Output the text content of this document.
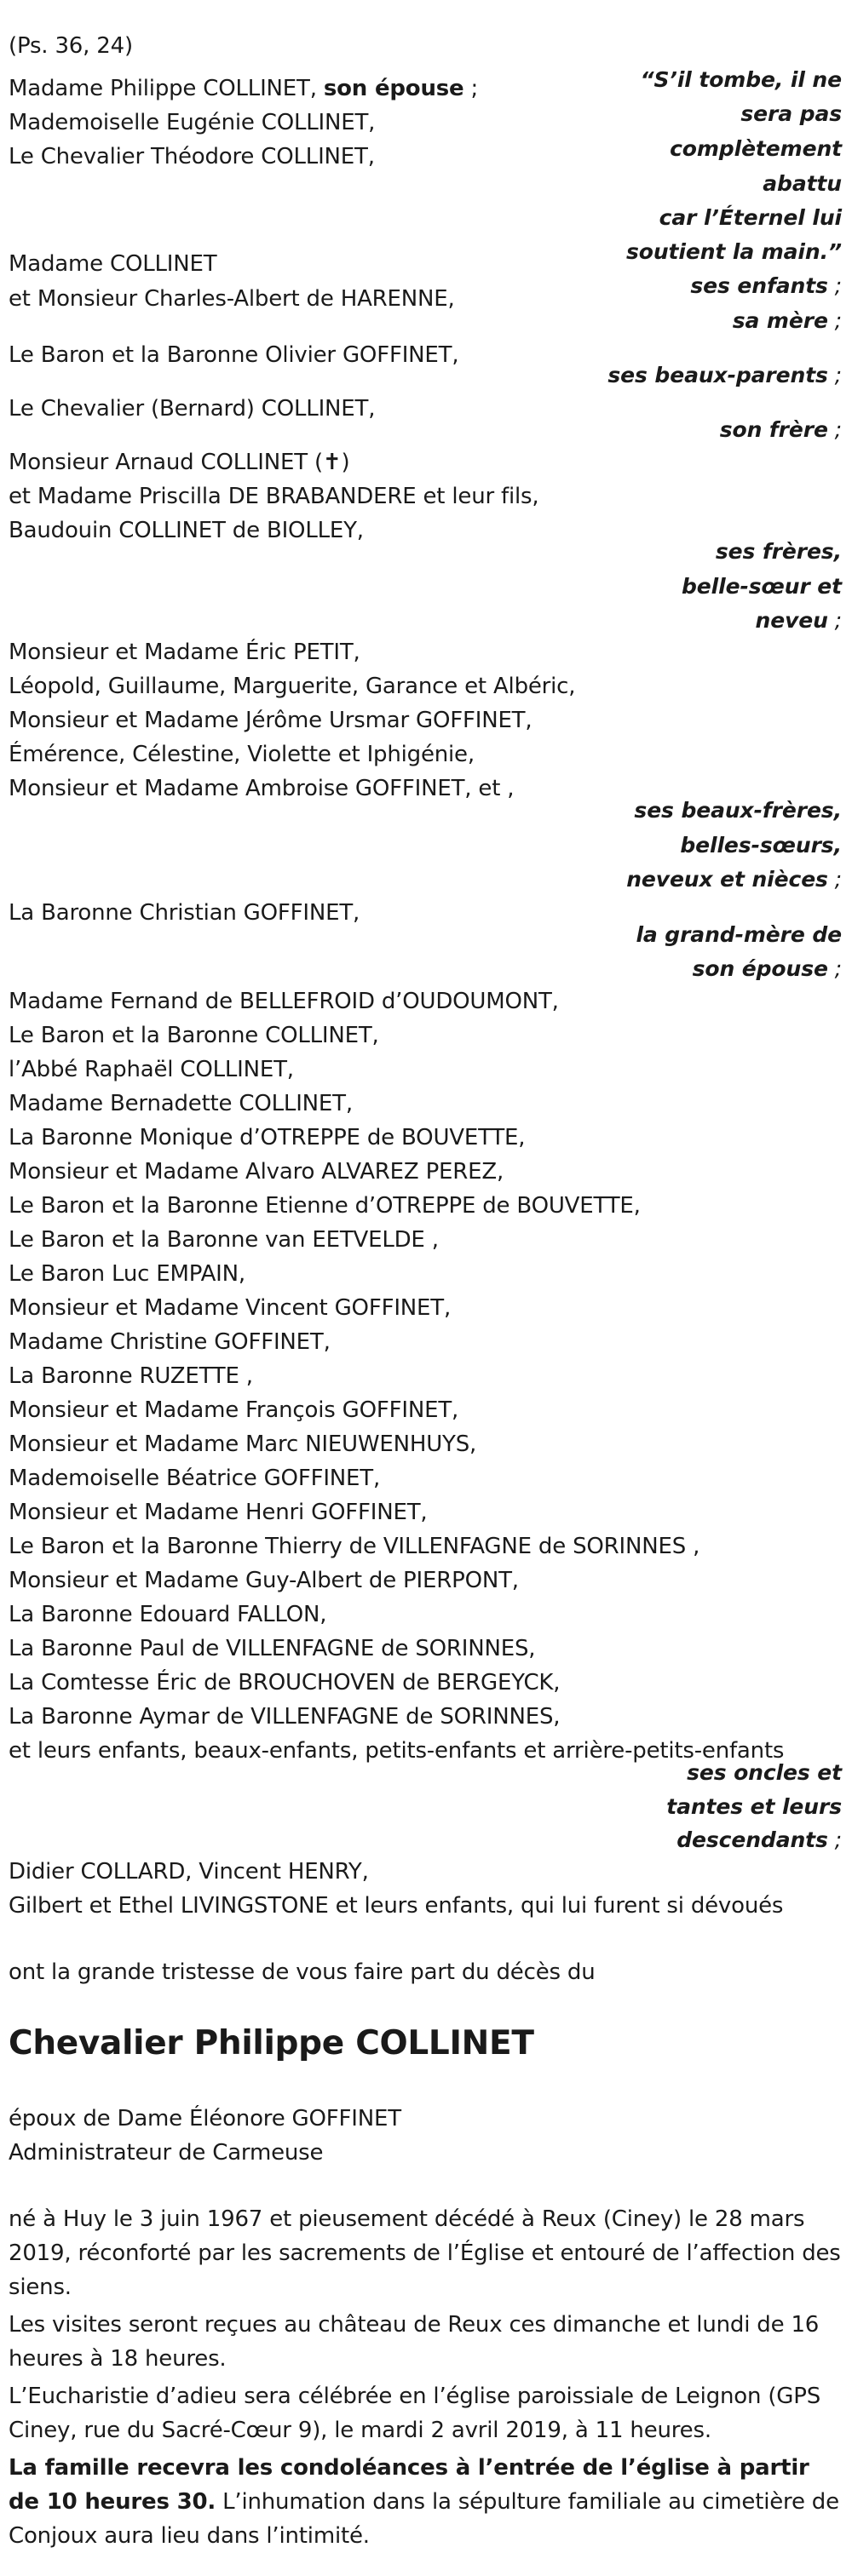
(Ps. 36, 24)

“S’il tombe, il ne

sera pas

complètement

abattu

car l’Éternel lui

soutient la main.”

Madame Philippe COLLINET, son épouse ;

Mademoiselle Eugénie COLLINET,

Le Chevalier Théodore COLLINET,

ses enfants ;

Madame COLLINET

et Monsieur Charles-Albert de HARENNE,

sa mère ;

Le Baron et la Baronne Olivier GOFFINET,

ses beaux-parents ;

Le Chevalier (Bernard) COLLINET,

son frère ;

Monsieur Arnaud COLLINET (✝)

et Madame Priscilla DE BRABANDERE et leur fils,

Baudouin COLLINET de BIOLLEY,

ses frères,

belle-sœur et

neveu ;

Monsieur et Madame Éric PETIT,

Léopold, Guillaume, Marguerite, Garance et Albéric,

Monsieur et Madame Jérôme Ursmar GOFFINET,

Émérence, Célestine, Violette et Iphigénie,

Monsieur et Madame Ambroise GOFFINET, et ,

ses beaux-frères,

belles-sœurs,

neveux et nièces ;

La Baronne Christian GOFFINET,

la grand-mère de

son épouse ;

Madame Fernand de BELLEFROID d’OUDOUMONT,

Le Baron et la Baronne COLLINET,

l’Abbé Raphaël COLLINET,

Madame Bernadette COLLINET,

La Baronne Monique d’OTREPPE de BOUVETTE,

Monsieur et Madame Alvaro ALVAREZ PEREZ,

Le Baron et la Baronne Etienne d’OTREPPE de BOUVETTE,

Le Baron et la Baronne van EETVELDE ,

Le Baron Luc EMPAIN,

Monsieur et Madame Vincent GOFFINET,

Madame Christine GOFFINET,

La Baronne RUZETTE ,

Monsieur et Madame François GOFFINET,

Monsieur et Madame Marc NIEUWENHUYS,

Mademoiselle Béatrice GOFFINET,

Monsieur et Madame Henri GOFFINET,

Le Baron et la Baronne Thierry de VILLENFAGNE de SORINNES ,

Monsieur et Madame Guy-Albert de PIERPONT,

La Baronne Edouard FALLON,

La Baronne Paul de VILLENFAGNE de SORINNES,

La Comtesse Éric de BROUCHOVEN de BERGEYCK,

La Baronne Aymar de VILLENFAGNE de SORINNES,

et leurs enfants, beaux-enfants, petits-enfants et arrière-petits-enfants

ses oncles et

tantes et leurs

descendants ;

Didier COLLARD, Vincent HENRY,

Gilbert et Ethel LIVINGSTONE et leurs enfants, qui lui furent si dévoués

ont la grande tristesse de vous faire part du décès du

Chevalier Philippe COLLINET

époux de Dame Éléonore GOFFINET

Administrateur de Carmeuse

né à Huy le 3 juin 1967 et pieusement décédé à Reux (Ciney) le 28 mars 2019, réconforté par les sacrements de l’Église et entouré de l’affection des siens.

Les visites seront reçues au château de Reux ces dimanche et lundi de 16 heures à 18 heures.

L’Eucharistie d’adieu sera célébrée en l’église paroissiale de Leignon (GPS Ciney, rue du Sacré-Cœur 9), le mardi 2 avril 2019, à 11 heures.

La famille recevra les condoléances à l’entrée de l’église à partir de 10 heures 30. L’inhumation dans la sépulture familiale au cimetière de Conjoux aura lieu dans l’intimité.
